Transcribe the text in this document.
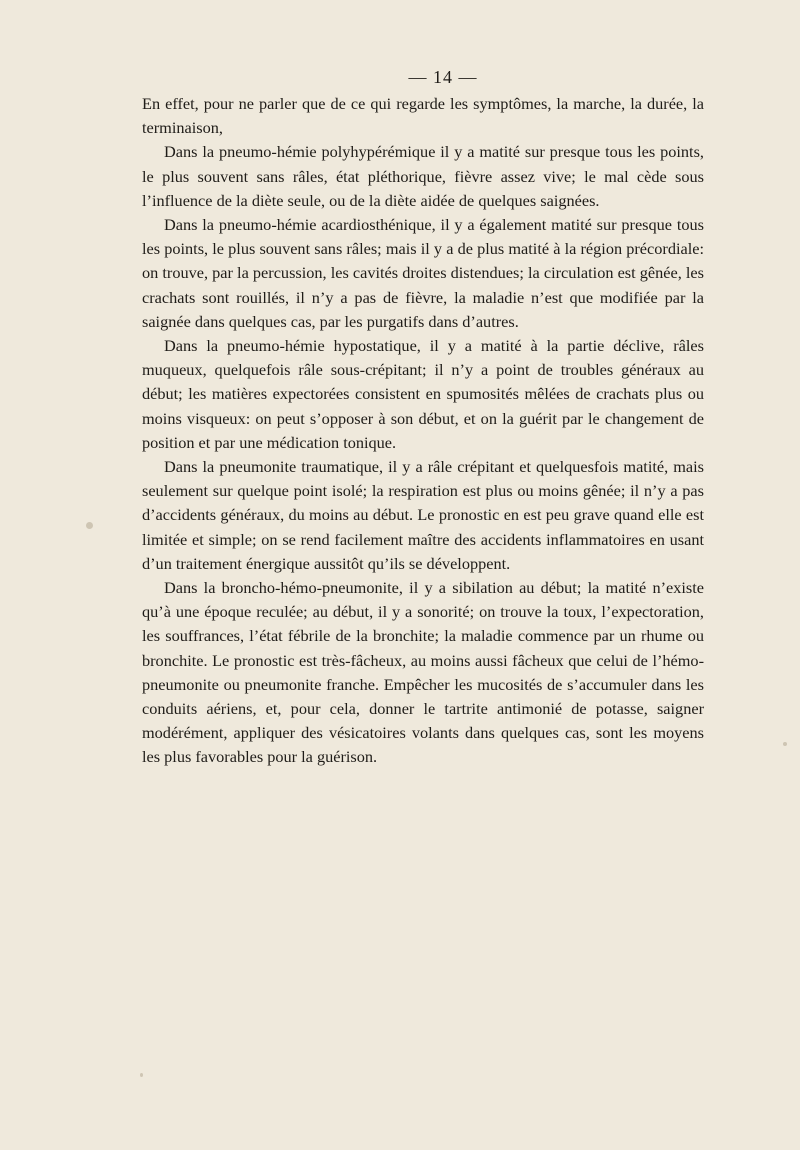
— 14 —

En effet, pour ne parler que de ce qui regarde les symptômes, la marche, la durée, la terminaison,

Dans la pneumo-hémie polyhypérémique il y a matité sur presque tous les points, le plus souvent sans râles, état pléthorique, fièvre assez vive; le mal cède sous l’influence de la diète seule, ou de la diète aidée de quelques saignées.

Dans la pneumo-hémie acardiosthénique, il y a également matité sur presque tous les points, le plus souvent sans râles; mais il y a de plus matité à la région précordiale: on trouve, par la percussion, les cavités droites distendues; la circulation est gênée, les crachats sont rouillés, il n’y a pas de fièvre, la maladie n’est que modifiée par la saignée dans quelques cas, par les purgatifs dans d’autres.

Dans la pneumo-hémie hypostatique, il y a matité à la partie déclive, râles muqueux, quelquefois râle sous-crépitant; il n’y a point de troubles généraux au début; les matières expectorées consistent en spumosités mêlées de crachats plus ou moins visqueux: on peut s’opposer à son début, et on la guérit par le changement de position et par une médication tonique.

Dans la pneumonite traumatique, il y a râle crépitant et quelquesfois matité, mais seulement sur quelque point isolé; la respiration est plus ou moins gênée; il n’y a pas d’accidents généraux, du moins au début. Le pronostic en est peu grave quand elle est limitée et simple; on se rend facilement maître des accidents inflammatoires en usant d’un traitement énergique aussitôt qu’ils se développent.

Dans la broncho-hémo-pneumonite, il y a sibilation au début; la matité n’existe qu’à une époque reculée; au début, il y a sonorité; on trouve la toux, l’expectoration, les souffrances, l’état fébrile de la bronchite; la maladie commence par un rhume ou bronchite. Le pronostic est très-fâcheux, au moins aussi fâcheux que celui de l’hémo-pneumonite ou pneumonite franche. Empêcher les mucosités de s’accumuler dans les conduits aériens, et, pour cela, donner le tartrite antimonié de potasse, saigner modérément, appliquer des vésicatoires volants dans quelques cas, sont les moyens les plus favorables pour la guérison.
